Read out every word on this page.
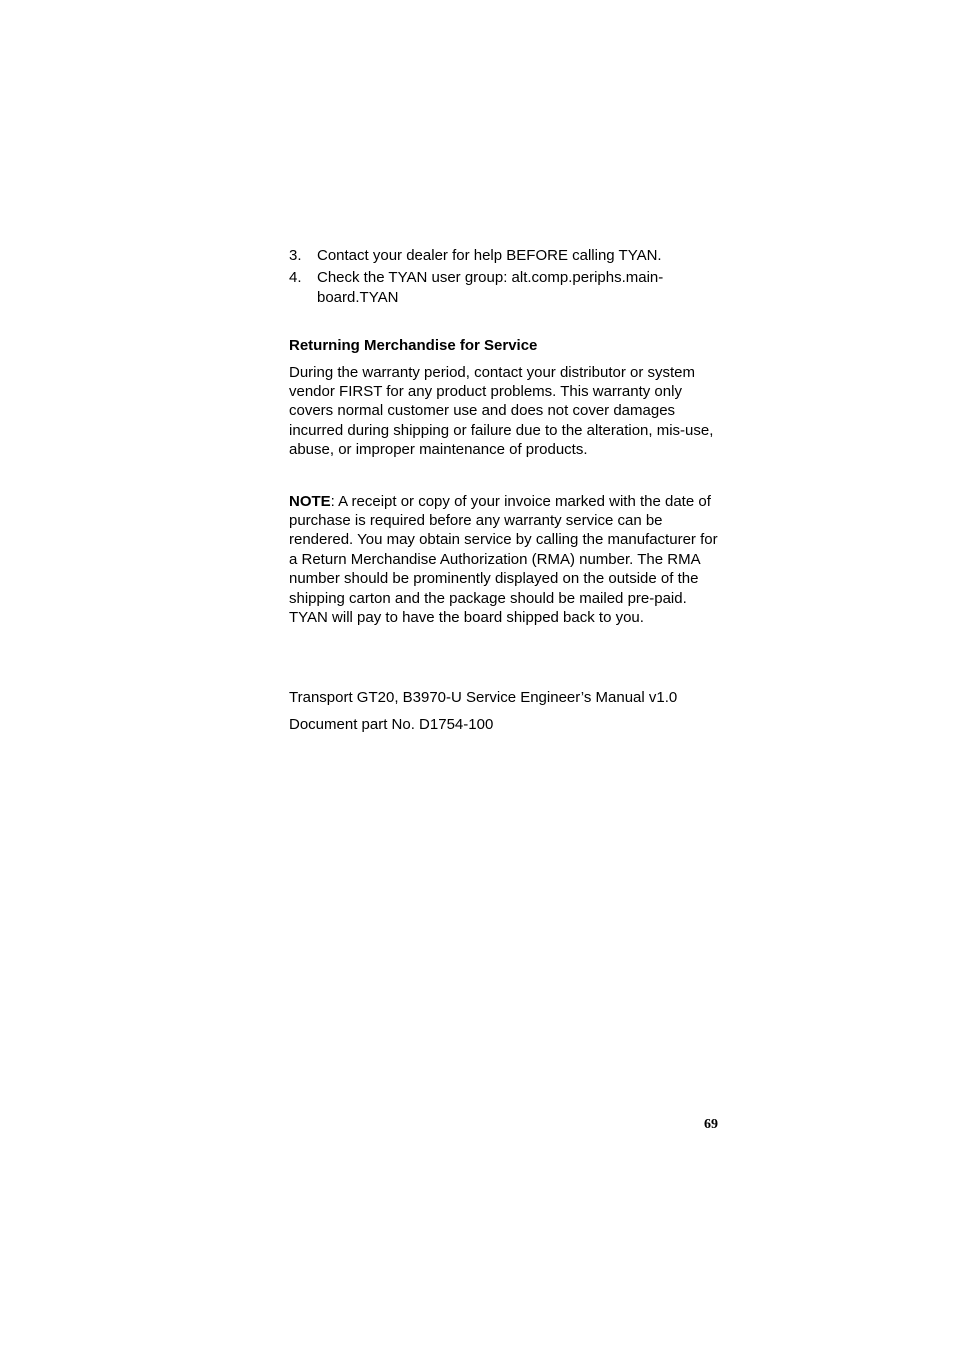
3.	Contact your dealer for help BEFORE calling TYAN.
4.	Check the TYAN user group: alt.comp.periphs.main-board.TYAN
Returning Merchandise for Service

During the warranty period, contact your distributor or system vendor FIRST for any product problems. This warranty only covers normal customer use and does not cover damages incurred during shipping or failure due to the alteration, mis-use, abuse, or improper maintenance of products.

NOTE: A receipt or copy of your invoice marked with the date of purchase is required before any warranty service can be rendered. You may obtain service by calling the manufacturer for a Return Merchandise Authorization (RMA) number. The RMA number should be prominently displayed on the outside of the shipping carton and the package should be mailed pre-paid. TYAN will pay to have the board shipped back to you.

Transport GT20, B3970-U Service Engineer’s Manual v1.0
Document part No. D1754-100
69
